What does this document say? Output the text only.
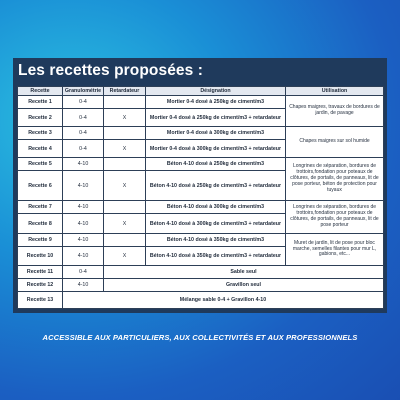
Les recettes proposées :
Recette	Granulométrie	Retardateur	Désignation	Utilisation
Recette 1	0-4		Mortier 0-4 dosé à 250kg de ciment/m3	Chapes maigres, travaux de bordures de jardin, de pavage
Recette 2	0-4	X	Mortier 0-4 dosé à 250kg de ciment/m3 + retardateur	
Recette 3	0-4		Mortier 0-4 dosé à 300kg de ciment/m3	Chapes maigres sur sol humide
Recette 4	0-4	X	Mortier 0-4 dosé à 300kg de ciment/m3 + retardateur	
Recette 5	4-10		Béton 4-10 dosé à 250kg de ciment/m3	Longrines de séparation, bordures de trottoirs,fondation pour poteaux de clôtures, de portails, de panneaux, lit de pose porteur, béton de protection pour tuyaux
Recette 6	4-10	X	Béton 4-10 dosé à 250kg de ciment/m3 + retardateur	
Recette 7	4-10		Béton 4-10 dosé à 300kg de ciment/m3	Longrines de séparation, bordures de trottoirs,fondation pour poteaux de clôtures, de portails, de panneaux, lit de pose porteur
Recette 8	4-10	X	Béton 4-10 dosé à 300kg de ciment/m3 + retardateur	
Recette 9	4-10		Béton 4-10 dosé à 350kg de ciment/m3	Muret de jardin, lit de pose pour bloc marche, semelles filantes pour mur L, gabions, etc...
Recette 10	4-10	X	Béton 4-10 dosé à 350kg de ciment/m3 + retardateur	
Recette 11	0-4	Sable seul		
Recette 12	4-10	Gravillon seul		
Recette 13	Mélange sable 0-4 + Gravillon 4-10			

ACCESSIBLE AUX PARTICULIERS, AUX COLLECTIVITÉS ET AUX PROFESSIONNELS
